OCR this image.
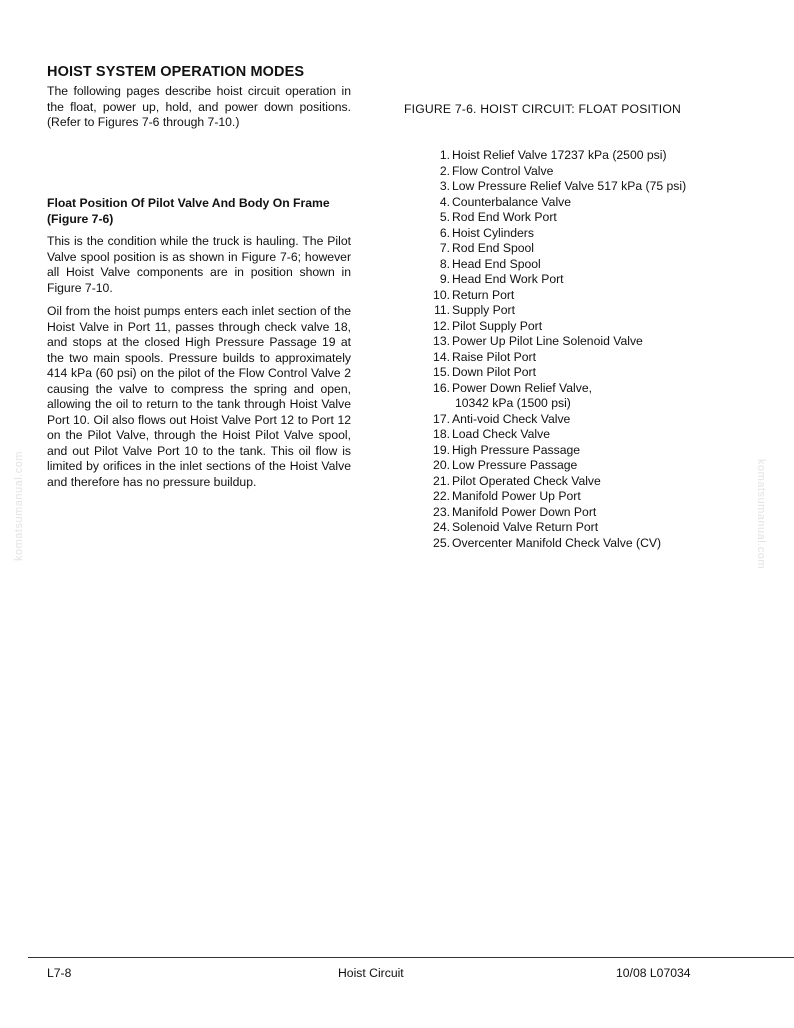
HOIST SYSTEM OPERATION MODES

The following pages describe hoist circuit operation in the float, power up, hold, and power down positions. (Refer to Figures 7-6 through 7-10.)

Float Position Of Pilot Valve And Body On Frame (Figure 7-6)

This is the condition while the truck is hauling. The Pilot Valve spool position is as shown in Figure 7-6; however all Hoist Valve components are in position shown in Figure 7-10.

Oil from the hoist pumps enters each inlet section of the Hoist Valve in Port 11, passes through check valve 18, and stops at the closed High Pressure Passage 19 at the two main spools. Pressure builds to approximately 414 kPa (60 psi) on the pilot of the Flow Control Valve 2 causing the valve to compress the spring and open, allowing the oil to return to the tank through Hoist Valve Port 10. Oil also flows out Hoist Valve Port 12 to Port 12 on the Pilot Valve, through the Hoist Pilot Valve spool, and out Pilot Valve Port 10 to the tank. This oil flow is limited by orifices in the inlet sections of the Hoist Valve and therefore has no pressure buildup.

FIGURE 7-6. HOIST CIRCUIT: FLOAT POSITION

1. Hoist Relief Valve 17237 kPa (2500 psi)
2. Flow Control Valve
3. Low Pressure Relief Valve 517 kPa (75 psi)
4. Counterbalance Valve
5. Rod End Work Port
6. Hoist Cylinders
7. Rod End Spool
8. Head End Spool
9. Head End Work Port
10. Return Port
11. Supply Port
12. Pilot Supply Port
13. Power Up Pilot Line Solenoid Valve
14. Raise Pilot Port
15. Down Pilot Port
16. Power Down Relief Valve,
10342 kPa (1500 psi)
17. Anti-void Check Valve
18. Load Check Valve
19. High Pressure Passage
20. Low Pressure Passage
21. Pilot Operated Check Valve
22. Manifold Power Up Port
23. Manifold Power Down Port
24. Solenoid Valve Return Port
25. Overcenter Manifold Check Valve (CV)
komatsumanual.com	komatsumanual.com
L7-8	Hoist Circuit	10/08 L07034
